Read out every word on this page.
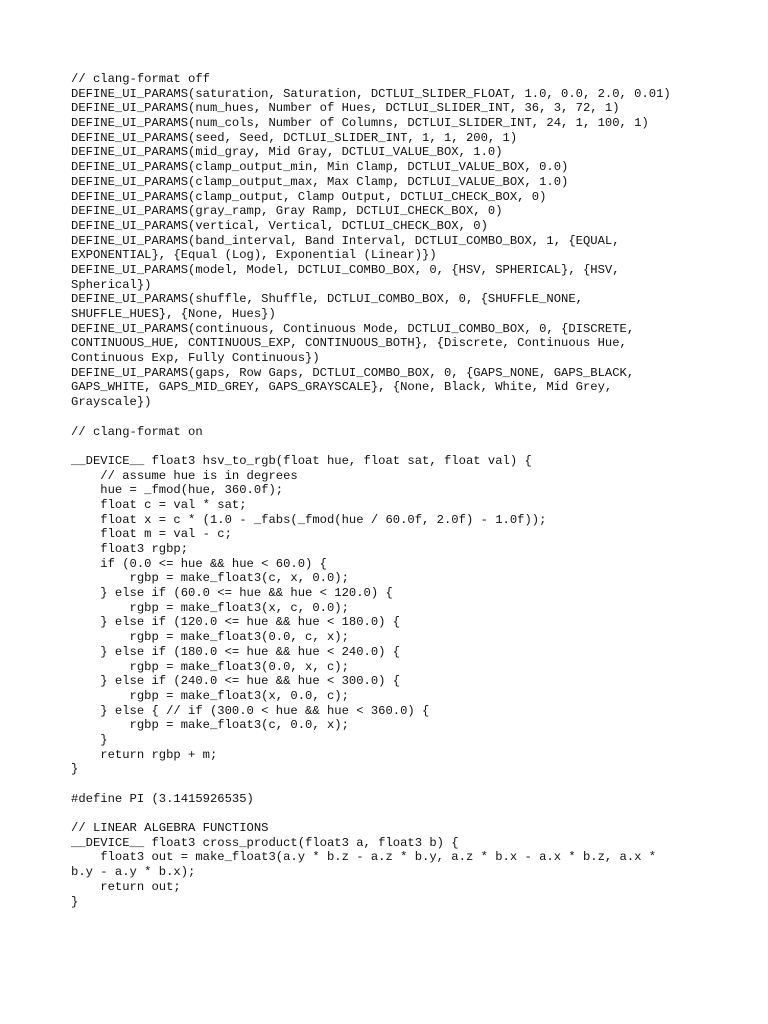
// clang-format off
DEFINE_UI_PARAMS(saturation, Saturation, DCTLUI_SLIDER_FLOAT, 1.0, 0.0, 2.0, 0.01)
DEFINE_UI_PARAMS(num_hues, Number of Hues, DCTLUI_SLIDER_INT, 36, 3, 72, 1)
DEFINE_UI_PARAMS(num_cols, Number of Columns, DCTLUI_SLIDER_INT, 24, 1, 100, 1)
DEFINE_UI_PARAMS(seed, Seed, DCTLUI_SLIDER_INT, 1, 1, 200, 1)
DEFINE_UI_PARAMS(mid_gray, Mid Gray, DCTLUI_VALUE_BOX, 1.0)
DEFINE_UI_PARAMS(clamp_output_min, Min Clamp, DCTLUI_VALUE_BOX, 0.0)
DEFINE_UI_PARAMS(clamp_output_max, Max Clamp, DCTLUI_VALUE_BOX, 1.0)
DEFINE_UI_PARAMS(clamp_output, Clamp Output, DCTLUI_CHECK_BOX, 0)
DEFINE_UI_PARAMS(gray_ramp, Gray Ramp, DCTLUI_CHECK_BOX, 0)
DEFINE_UI_PARAMS(vertical, Vertical, DCTLUI_CHECK_BOX, 0)
DEFINE_UI_PARAMS(band_interval, Band Interval, DCTLUI_COMBO_BOX, 1, {EQUAL,
EXPONENTIAL}, {Equal (Log), Exponential (Linear)})
DEFINE_UI_PARAMS(model, Model, DCTLUI_COMBO_BOX, 0, {HSV, SPHERICAL}, {HSV,
Spherical})
DEFINE_UI_PARAMS(shuffle, Shuffle, DCTLUI_COMBO_BOX, 0, {SHUFFLE_NONE,
SHUFFLE_HUES}, {None, Hues})
DEFINE_UI_PARAMS(continuous, Continuous Mode, DCTLUI_COMBO_BOX, 0, {DISCRETE,
CONTINUOUS_HUE, CONTINUOUS_EXP, CONTINUOUS_BOTH}, {Discrete, Continuous Hue,
Continuous Exp, Fully Continuous})
DEFINE_UI_PARAMS(gaps, Row Gaps, DCTLUI_COMBO_BOX, 0, {GAPS_NONE, GAPS_BLACK,
GAPS_WHITE, GAPS_MID_GREY, GAPS_GRAYSCALE}, {None, Black, White, Mid Grey,
Grayscale})
// clang-format on
__DEVICE__ float3 hsv_to_rgb(float hue, float sat, float val) {
// assume hue is in degrees
hue = _fmod(hue, 360.0f);
float c = val * sat;
float x = c * (1.0 - _fabs(_fmod(hue / 60.0f, 2.0f) - 1.0f));
float m = val - c;
float3 rgbp;
if (0.0 <= hue && hue < 60.0) {
rgbp = make_float3(c, x, 0.0);
} else if (60.0 <= hue && hue < 120.0) {
rgbp = make_float3(x, c, 0.0);
} else if (120.0 <= hue && hue < 180.0) {
rgbp = make_float3(0.0, c, x);
} else if (180.0 <= hue && hue < 240.0) {
rgbp = make_float3(0.0, x, c);
} else if (240.0 <= hue && hue < 300.0) {
rgbp = make_float3(x, 0.0, c);
} else { // if (300.0 < hue && hue < 360.0) {
rgbp = make_float3(c, 0.0, x);
}
return rgbp + m;
}
#define PI (3.1415926535)
// LINEAR ALGEBRA FUNCTIONS
__DEVICE__ float3 cross_product(float3 a, float3 b) {
float3 out = make_float3(a.y * b.z - a.z * b.y, a.z * b.x - a.x * b.z, a.x *
b.y - a.y * b.x);
return out;
}
